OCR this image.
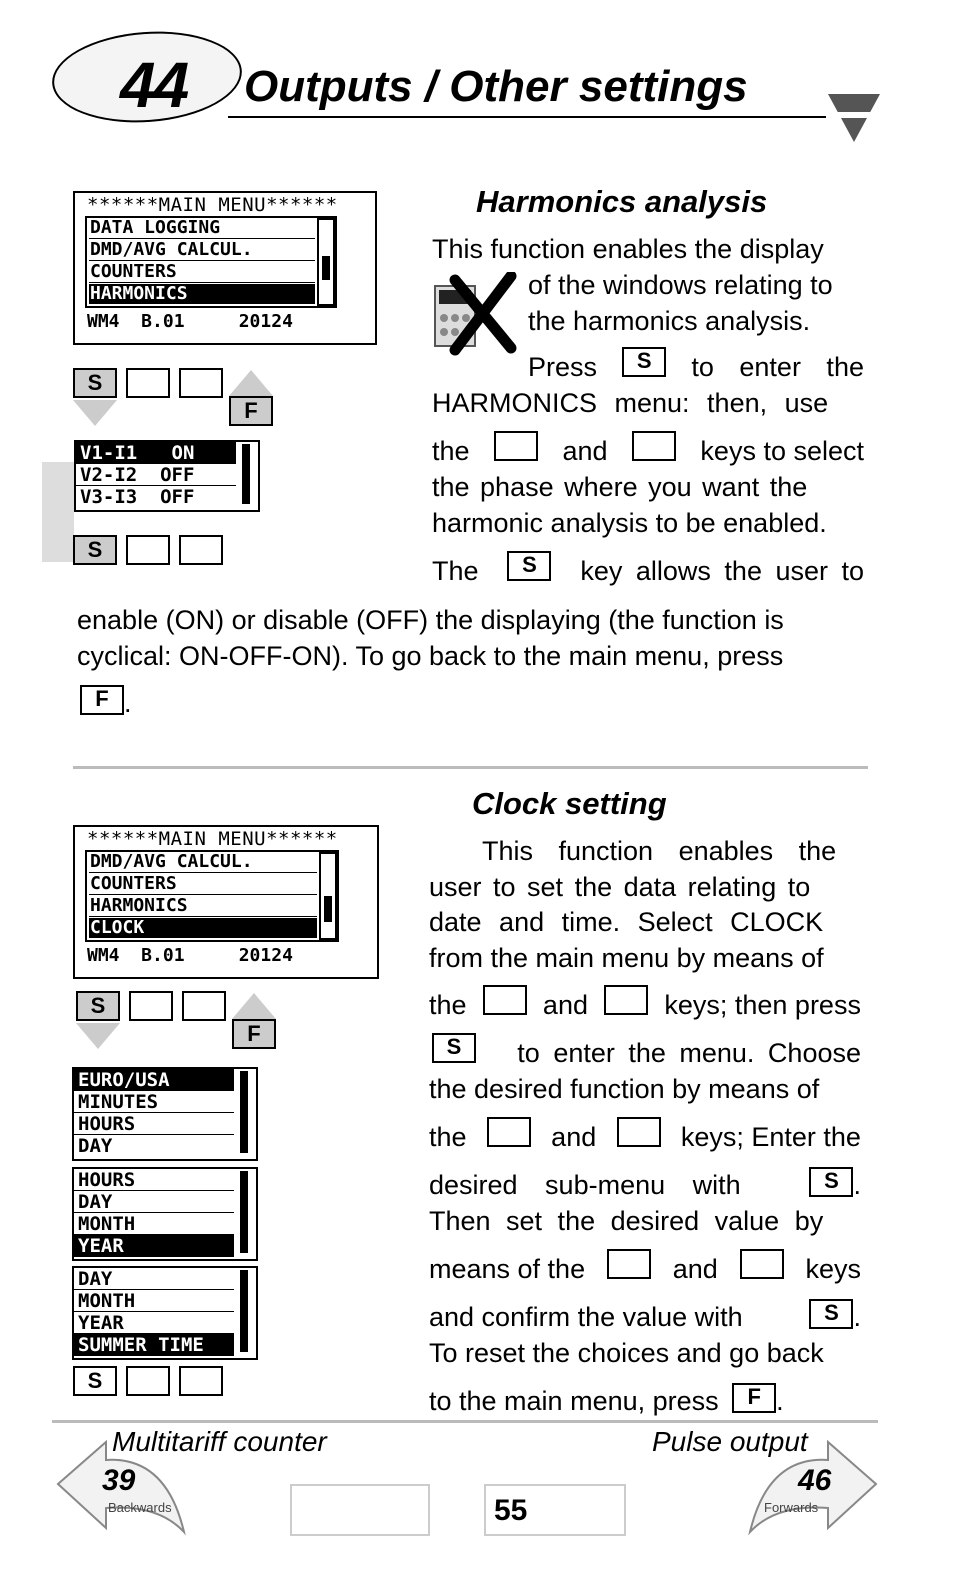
44 Outputs / Other settings
******MAIN MENU******
DATA LOGGING
DMD/AVG CALCUL.
COUNTERS
HARMONICS
WM4  B.01     20124
S
F
V1-I1   ON
V2-I2  OFF
V3-I3  OFF
S
Harmonics analysis
This function enables the display
of the windows relating to
the harmonics analysis.
Press	S	to enter the
HARMONICS menu: then, use
the	and	keys to select
the phase where you want the
harmonic analysis to be enabled.
The	S	key allows the user to
enable (ON) or disable (OFF) the displaying (the function is
cyclical: ON-OFF-ON). To go back to the main menu, press
F .
******MAIN MENU******
DMD/AVG CALCUL.
COUNTERS
HARMONICS
CLOCK
WM4  B.01     20124
S
F
EURO/USA
MINUTES
HOURS
DAY
HOURS
DAY
MONTH
YEAR
DAY
MONTH
YEAR
SUMMER TIME
S
Clock setting
This function enables the
user to set the data relating to
date and time. Select CLOCK
from the main menu by means of
the	and	keys; then press
S	to enter the menu. Choose
the desired function by means of
the	and	keys; Enter the
desired sub-menu with	S .
Then set the desired value by
means of the	and	keys
and confirm the value with	S .
To reset the choices and go back
to the main menu, press F .
Multitariff counter
39
Backwards	55
Pulse output
46
Forwards
